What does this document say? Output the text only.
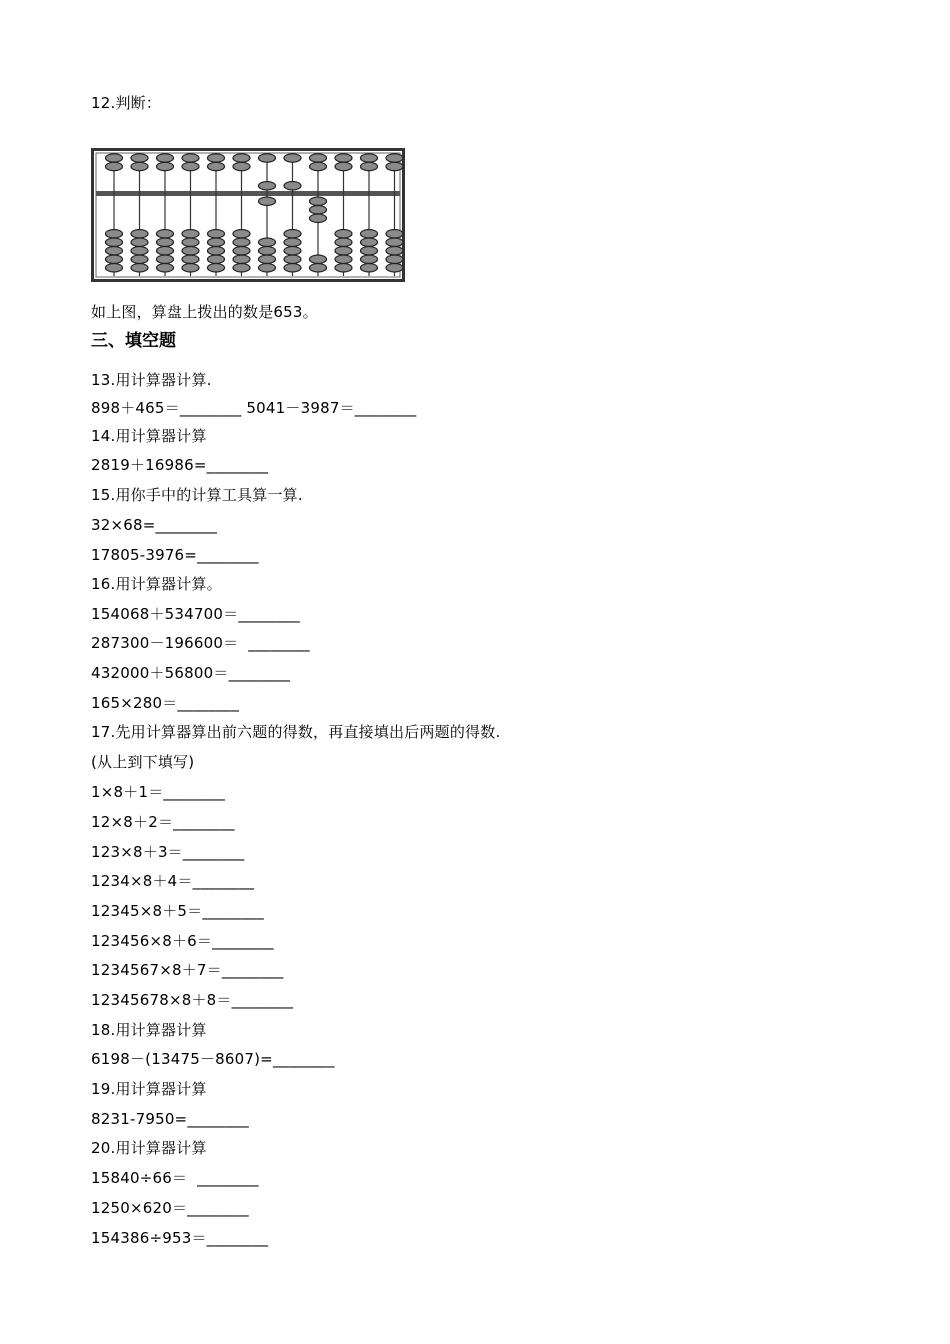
12.判断：
如上图，算盘上拨出的数是653。
三、填空题
13.用计算器计算.
898＋465＝________ 5041－3987＝________
14.用计算器计算
2819＋16986=________
15.用你手中的计算工具算一算.
32×68=________
17805-3976=________
16.用计算器计算。
154068＋534700＝________
287300－196600＝  ________
432000＋56800＝________
165×280＝________
17.先用计算器算出前六题的得数，再直接填出后两题的得数.
(从上到下填写)
1×8＋1＝________
12×8＋2＝________
123×8＋3＝________
1234×8＋4＝________
12345×8＋5＝________
123456×8＋6＝________
1234567×8＋7＝________
12345678×8＋8＝________
18.用计算器计算
6198－(13475－8607)=________
19.用计算器计算
8231-7950=________
20.用计算器计算
15840÷66＝  ________
1250×620＝________
154386÷953＝________
